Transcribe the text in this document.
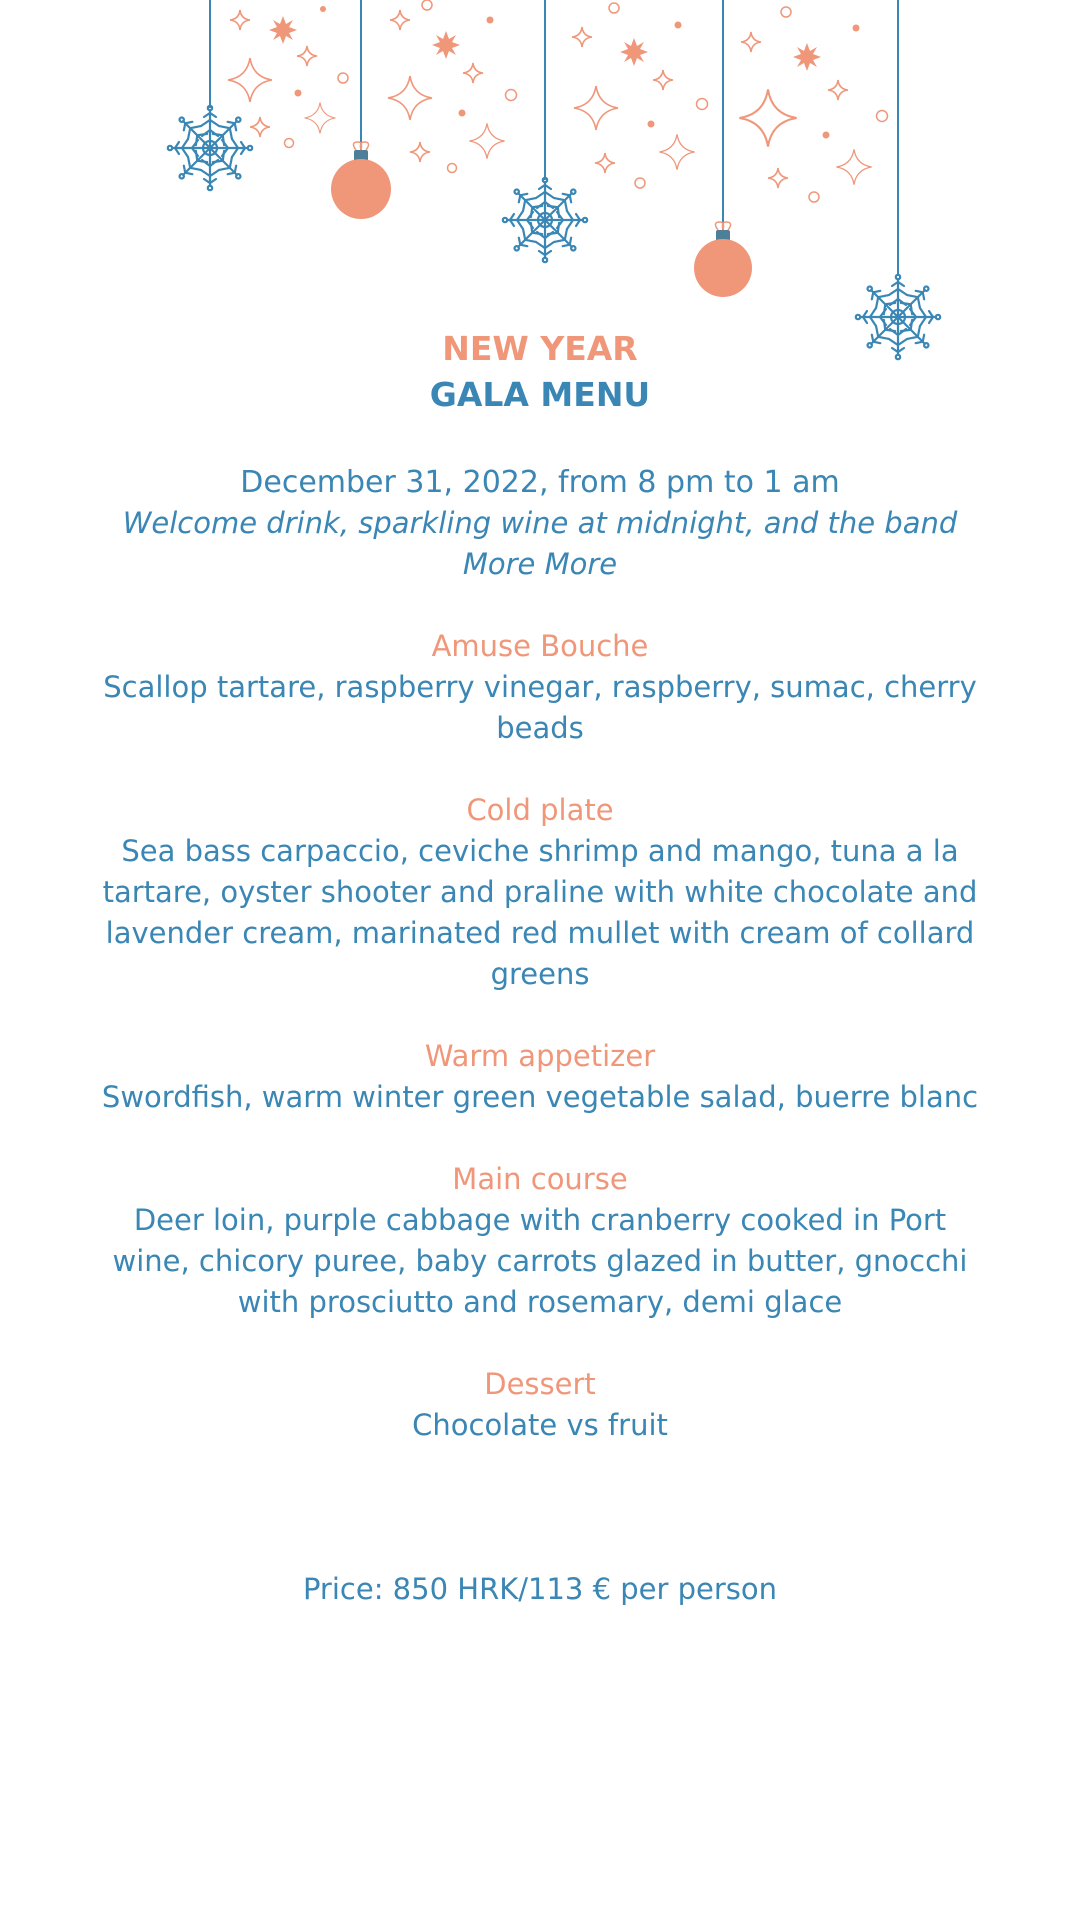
NEW YEAR
GALA MENU
December 31, 2022, from 8 pm to 1 am
Welcome drink, sparkling wine at midnight, and the band More More
Amuse Bouche
Scallop tartare, raspberry vinegar, raspberry, sumac, cherry beads
Cold plate
Sea bass carpaccio, ceviche shrimp and mango, tuna a la tartare, oyster shooter and praline with white chocolate and lavender cream, marinated red mullet with cream of collard greens
Warm appetizer
Swordfish, warm winter green vegetable salad, buerre blanc
Main course
Deer loin, purple cabbage with cranberry cooked in Port wine, chicory puree, baby carrots glazed in butter, gnocchi with prosciutto and rosemary, demi glace
Dessert
Chocolate vs fruit
Price: 850 HRK/113 € per person
